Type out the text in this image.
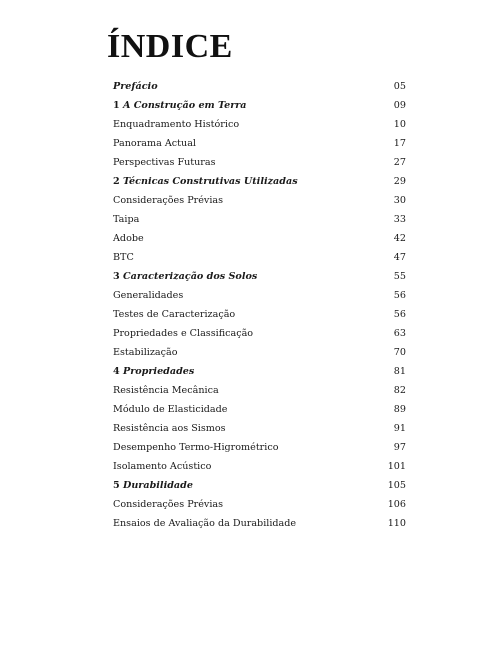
ÍNDICE
Prefácio	05
1 A Construção em Terra	09
Enquadramento Histórico	10
Panorama Actual	17
Perspectivas Futuras	27
2 Técnicas Construtivas Utilizadas	29
Considerações Prévias	30
Taipa	33
Adobe	42
BTC	47
3 Caracterização dos Solos	55
Generalidades	56
Testes de Caracterização	56
Propriedades e Classificação	63
Estabilização	70
4 Propriedades	81
Resistência Mecânica	82
Módulo de Elasticidade	89
Resistência aos Sismos	91
Desempenho Termo-Higrométrico	97
Isolamento Acústico	101
5 Durabilidade	105
Considerações Prévias	106
Ensaios de Avaliação da Durabilidade	110
